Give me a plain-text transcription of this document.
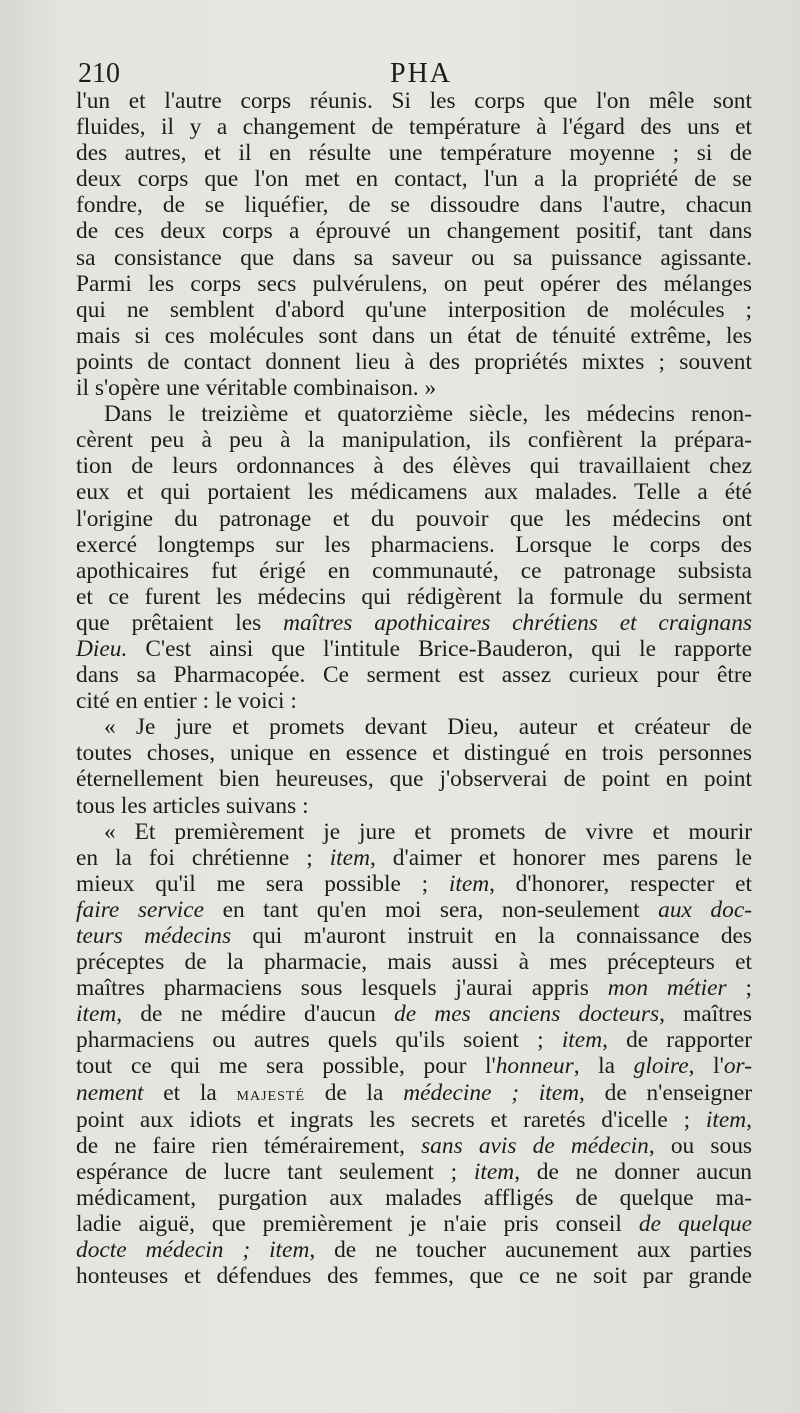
210	PHA
l'un et l'autre corps réunis. Si les corps que l'on mêle sont
fluides, il y a changement de température à l'égard des uns et
des autres, et il en résulte une température moyenne ; si de
deux corps que l'on met en contact, l'un a la propriété de se
fondre, de se liquéfier, de se dissoudre dans l'autre, chacun
de ces deux corps a éprouvé un changement positif, tant dans
sa consistance que dans sa saveur ou sa puissance agissante.
Parmi les corps secs pulvérulens, on peut opérer des mélanges
qui ne semblent d'abord qu'une interposition de molécules ;
mais si ces molécules sont dans un état de ténuité extrême, les
points de contact donnent lieu à des propriétés mixtes ; souvent
il s'opère une véritable combinaison. »
Dans le treizième et quatorzième siècle, les médecins renon-
cèrent peu à peu à la manipulation, ils confièrent la prépara-
tion de leurs ordonnances à des élèves qui travaillaient chez
eux et qui portaient les médicamens aux malades. Telle a été
l'origine du patronage et du pouvoir que les médecins ont
exercé longtemps sur les pharmaciens. Lorsque le corps des
apothicaires fut érigé en communauté, ce patronage subsista
et ce furent les médecins qui rédigèrent la formule du serment
que prêtaient les maîtres apothicaires chrétiens et craignans
Dieu. C'est ainsi que l'intitule Brice-Bauderon, qui le rapporte
dans sa Pharmacopée. Ce serment est assez curieux pour être
cité en entier : le voici :
« Je jure et promets devant Dieu, auteur et créateur de
toutes choses, unique en essence et distingué en trois personnes
éternellement bien heureuses, que j'observerai de point en point
tous les articles suivans :
« Et premièrement je jure et promets de vivre et mourir
en la foi chrétienne ; item, d'aimer et honorer mes parens le
mieux qu'il me sera possible ; item, d'honorer, respecter et
faire service en tant qu'en moi sera, non-seulement aux doc-
teurs médecins qui m'auront instruit en la connaissance des
préceptes de la pharmacie, mais aussi à mes précepteurs et
maîtres pharmaciens sous lesquels j'aurai appris mon métier ;
item, de ne médire d'aucun de mes anciens docteurs, maîtres
pharmaciens ou autres quels qu'ils soient ; item, de rapporter
tout ce qui me sera possible, pour l'honneur, la gloire, l'or-
nement et la majesté de la médecine ; item, de n'enseigner
point aux idiots et ingrats les secrets et raretés d'icelle ; item,
de ne faire rien témérairement, sans avis de médecin, ou sous
espérance de lucre tant seulement ; item, de ne donner aucun
médicament, purgation aux malades affligés de quelque ma-
ladie aiguë, que premièrement je n'aie pris conseil de quelque
docte médecin ; item, de ne toucher aucunement aux parties
honteuses et défendues des femmes, que ce ne soit par grande
